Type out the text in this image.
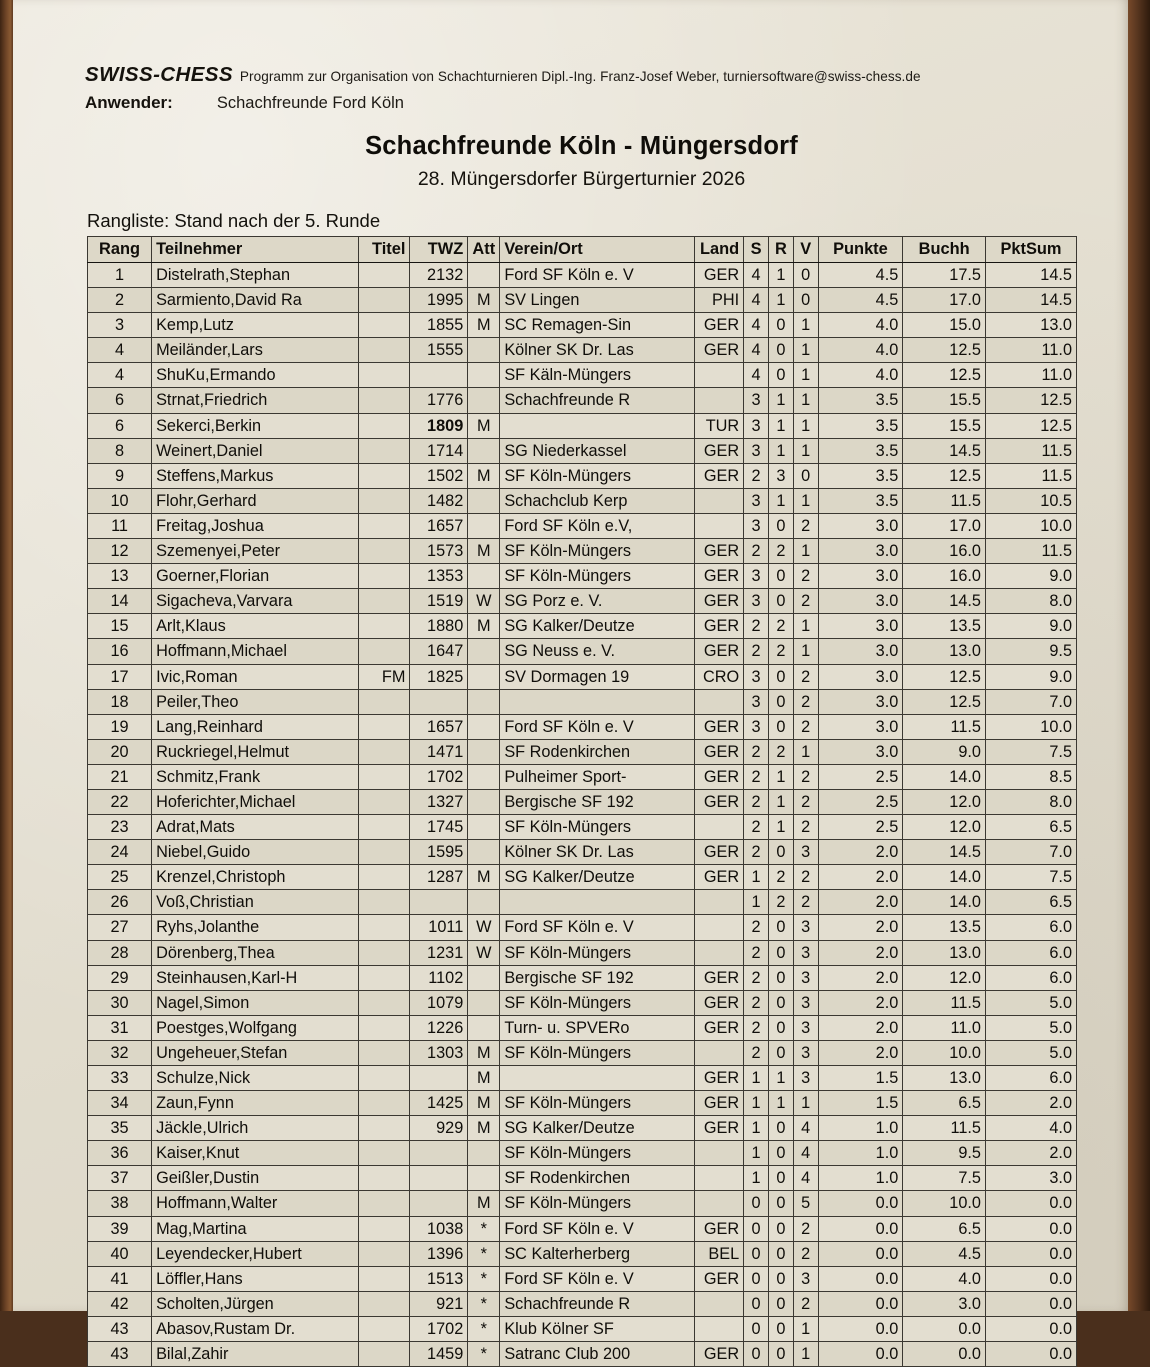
SWISS-CHESS Programm zur Organisation von Schachturnieren Dipl.-Ing. Franz-Josef Weber, turniersoftware@swiss-chess.de
Anwender:	Schachfreunde Ford Köln
Schachfreunde Köln - Müngersdorf
28. Müngersdorfer Bürgerturnier 2026
Rangliste: Stand nach der 5. Runde
Rang	Teilnehmer	Titel	TWZ	Att	Verein/Ort	Land	S	R	V	Punkte	Buchh	PktSum
1	Distelrath,Stephan		2132		Ford SF Köln e. V	GER	4	1	0	4.5	17.5	14.5
2	Sarmiento,David Ra		1995	M	SV Lingen	PHI	4	1	0	4.5	17.0	14.5
3	Kemp,Lutz		1855	M	SC Remagen-Sin	GER	4	0	1	4.0	15.0	13.0
4	Meiländer,Lars		1555		Kölner SK Dr. Las	GER	4	0	1	4.0	12.5	11.0
4	ShuKu,Ermando				SF Käln-Müngers		4	0	1	4.0	12.5	11.0
6	Strnat,Friedrich		1776		Schachfreunde R		3	1	1	3.5	15.5	12.5
6	Sekerci,Berkin		1809	M		TUR	3	1	1	3.5	15.5	12.5
8	Weinert,Daniel		1714		SG Niederkassel	GER	3	1	1	3.5	14.5	11.5
9	Steffens,Markus		1502	M	SF Köln-Müngers	GER	2	3	0	3.5	12.5	11.5
10	Flohr,Gerhard		1482		Schachclub Kerp		3	1	1	3.5	11.5	10.5
11	Freitag,Joshua		1657		Ford SF Köln e.V,		3	0	2	3.0	17.0	10.0
12	Szemenyei,Peter		1573	M	SF Köln-Müngers	GER	2	2	1	3.0	16.0	11.5
13	Goerner,Florian		1353		SF Köln-Müngers	GER	3	0	2	3.0	16.0	9.0
14	Sigacheva,Varvara		1519	W	SG Porz e. V.	GER	3	0	2	3.0	14.5	8.0
15	Arlt,Klaus		1880	M	SG Kalker/Deutze	GER	2	2	1	3.0	13.5	9.0
16	Hoffmann,Michael		1647		SG Neuss e. V.	GER	2	2	1	3.0	13.0	9.5
17	Ivic,Roman	FM	1825		SV Dormagen 19	CRO	3	0	2	3.0	12.5	9.0
18	Peiler,Theo						3	0	2	3.0	12.5	7.0
19	Lang,Reinhard		1657		Ford SF Köln e. V	GER	3	0	2	3.0	11.5	10.0
20	Ruckriegel,Helmut		1471		SF Rodenkirchen	GER	2	2	1	3.0	9.0	7.5
21	Schmitz,Frank		1702		Pulheimer Sport-	GER	2	1	2	2.5	14.0	8.5
22	Hoferichter,Michael		1327		Bergische SF 192	GER	2	1	2	2.5	12.0	8.0
23	Adrat,Mats		1745		SF Köln-Müngers		2	1	2	2.5	12.0	6.5
24	Niebel,Guido		1595		Kölner SK Dr. Las	GER	2	0	3	2.0	14.5	7.0
25	Krenzel,Christoph		1287	M	SG Kalker/Deutze	GER	1	2	2	2.0	14.0	7.5
26	Voß,Christian						1	2	2	2.0	14.0	6.5
27	Ryhs,Jolanthe		1011	W	Ford SF Köln e. V		2	0	3	2.0	13.5	6.0
28	Dörenberg,Thea		1231	W	SF Köln-Müngers		2	0	3	2.0	13.0	6.0
29	Steinhausen,Karl-H		1102		Bergische SF 192	GER	2	0	3	2.0	12.0	6.0
30	Nagel,Simon		1079		SF Köln-Müngers	GER	2	0	3	2.0	11.5	5.0
31	Poestges,Wolfgang		1226		Turn- u. SPVERo	GER	2	0	3	2.0	11.0	5.0
32	Ungeheuer,Stefan		1303	M	SF Köln-Müngers		2	0	3	2.0	10.0	5.0
33	Schulze,Nick			M		GER	1	1	3	1.5	13.0	6.0
34	Zaun,Fynn		1425	M	SF Köln-Müngers	GER	1	1	1	1.5	6.5	2.0
35	Jäckle,Ulrich		929	M	SG Kalker/Deutze	GER	1	0	4	1.0	11.5	4.0
36	Kaiser,Knut				SF Köln-Müngers		1	0	4	1.0	9.5	2.0
37	Geißler,Dustin				SF Rodenkirchen		1	0	4	1.0	7.5	3.0
38	Hoffmann,Walter			M	SF Köln-Müngers		0	0	5	0.0	10.0	0.0
39	Mag,Martina		1038	*	Ford SF Köln e. V	GER	0	0	2	0.0	6.5	0.0
40	Leyendecker,Hubert		1396	*	SC Kalterherberg	BEL	0	0	2	0.0	4.5	0.0
41	Löffler,Hans		1513	*	Ford SF Köln e. V	GER	0	0	3	0.0	4.0	0.0
42	Scholten,Jürgen		921	*	Schachfreunde R		0	0	2	0.0	3.0	0.0
43	Abasov,Rustam Dr.		1702	*	Klub Kölner SF		0	0	1	0.0	0.0	0.0
43	Bilal,Zahir		1459	*	Satranc Club 200	GER	0	0	1	0.0	0.0	0.0
